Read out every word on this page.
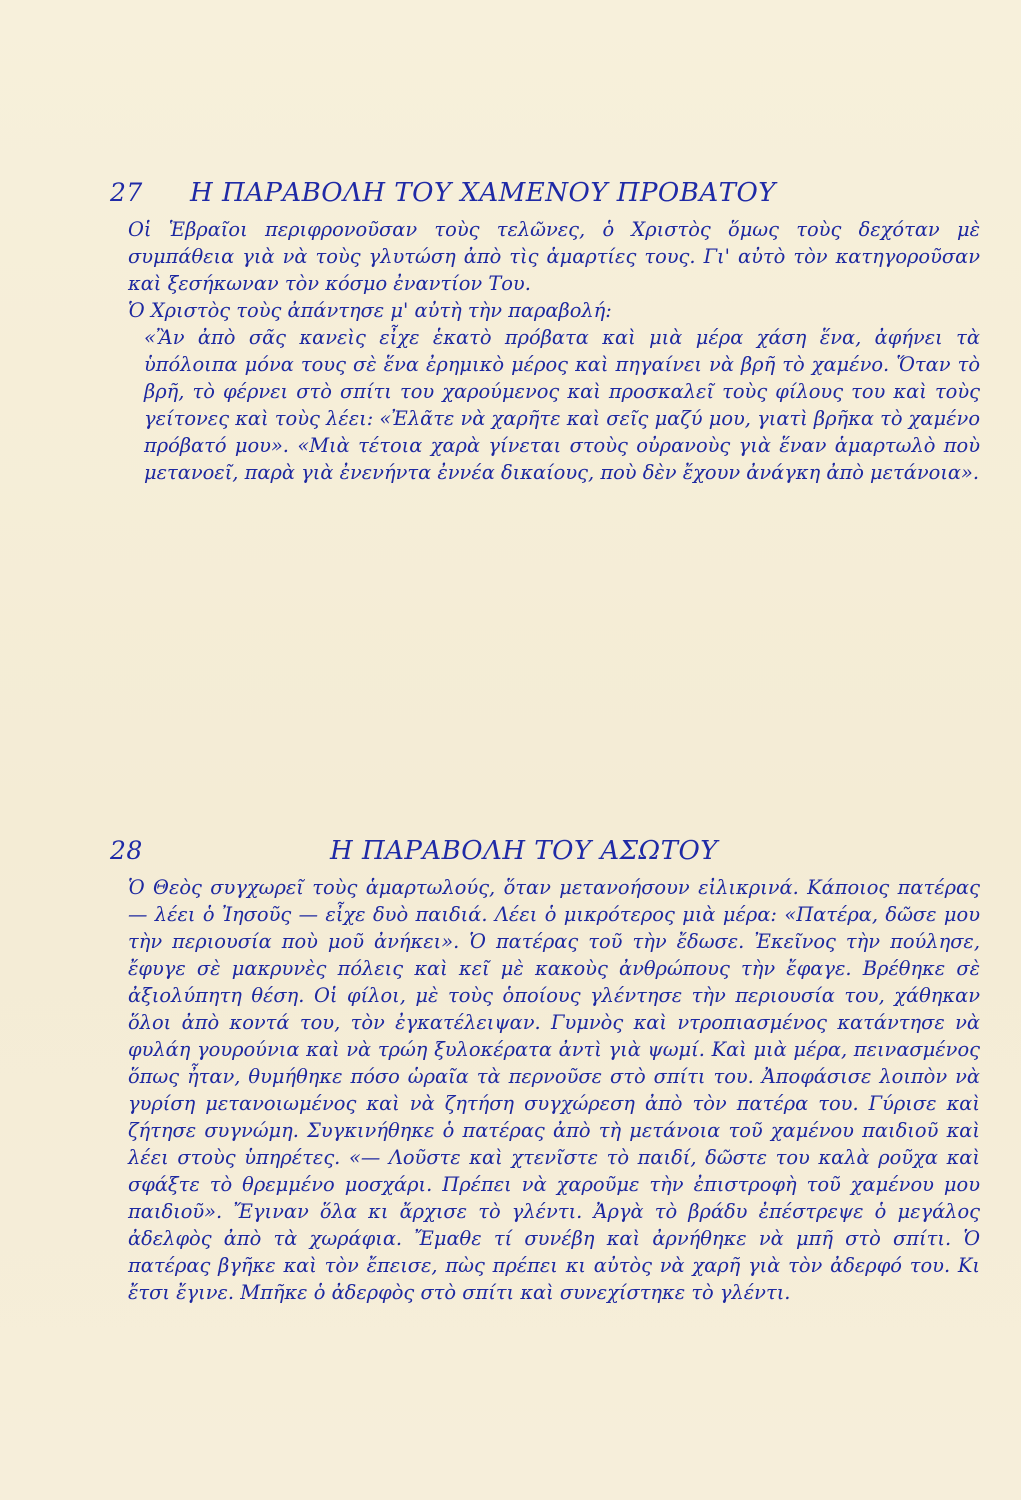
27 Η ΠΑΡΑΒΟΛΗ ΤΟΥ ΧΑΜΕΝΟΥ ΠΡΟΒΑΤΟΥ

Οἱ Ἑβραῖοι περιφρονοῦσαν τοὺς τελῶνες, ὁ Χριστὸς ὅμως τοὺς δεχόταν μὲ συμπάθεια γιὰ νὰ τοὺς γλυτώση ἀπὸ τὶς ἁμαρτίες τους. Γι' αὐτὸ τὸν κατηγοροῦσαν καὶ ξεσήκωναν τὸν κόσμο ἐναντίον Του.

Ὁ Χριστὸς τοὺς ἀπάντησε μ' αὐτὴ τὴν παραβολή:

«Ἂν ἀπὸ σᾶς κανεὶς εἶχε ἑκατὸ πρόβατα καὶ μιὰ μέρα χάση ἕνα, ἀφήνει τὰ ὑπόλοιπα μόνα τους σὲ ἕνα ἐρημικὸ μέρος καὶ πηγαίνει νὰ βρῆ τὸ χαμένο. Ὅταν τὸ βρῆ, τὸ φέρνει στὸ σπίτι του χαρούμενος καὶ προσκαλεῖ τοὺς φίλους του καὶ τοὺς γείτονες καὶ τοὺς λέει: «Ἐλᾶτε νὰ χαρῆτε καὶ σεῖς μαζύ μου, γιατὶ βρῆκα τὸ χαμένο πρόβατό μου». «Μιὰ τέτοια χαρὰ γίνεται στοὺς οὐρανοὺς γιὰ ἕναν ἁμαρτωλὸ ποὺ μετανοεῖ, παρὰ γιὰ ἐνενήντα ἐννέα δικαίους, ποὺ δὲν ἔχουν ἀνάγκη ἀπὸ μετάνοια».

28	Η ΠΑΡΑΒΟΛΗ ΤΟΥ ΑΣΩΤΟΥ

Ὁ Θεὸς συγχωρεῖ τοὺς ἁμαρτωλούς, ὅταν μετανοήσουν εἰλικρινά. Κάποιος πατέρας — λέει ὁ Ἰησοῦς — εἶχε δυὸ παιδιά. Λέει ὁ μικρότερος μιὰ μέρα: «Πατέρα, δῶσε μου τὴν περιουσία ποὺ μοῦ ἀνήκει». Ὁ πατέρας τοῦ τὴν ἔδωσε. Ἐκεῖνος τὴν πούλησε, ἔφυγε σὲ μακρυνὲς πόλεις καὶ κεῖ μὲ κακοὺς ἀνθρώπους τὴν ἔφαγε. Βρέθηκε σὲ ἀξιολύπητη θέση. Οἱ φίλοι, μὲ τοὺς ὁποίους γλέντησε τὴν περιουσία του, χάθηκαν ὅλοι ἀπὸ κοντά του, τὸν ἐγκατέλειψαν. Γυμνὸς καὶ ντροπιασμένος κατάντησε νὰ φυλάη γουρούνια καὶ νὰ τρώη ξυλοκέρατα ἀντὶ γιὰ ψωμί. Καὶ μιὰ μέρα, πεινασμένος ὅπως ἦταν, θυμήθηκε πόσο ὡραῖα τὰ περνοῦσε στὸ σπίτι του. Ἀποφάσισε λοιπὸν νὰ γυρίση μετανοιωμένος καὶ νὰ ζητήση συγχώρεση ἀπὸ τὸν πατέρα του. Γύρισε καὶ ζήτησε συγνώμη. Συγκινήθηκε ὁ πατέρας ἀπὸ τὴ μετάνοια τοῦ χαμένου παιδιοῦ καὶ λέει στοὺς ὑπηρέτες. «— Λοῦστε καὶ χτενῖστε τὸ παιδί, δῶστε του καλὰ ροῦχα καὶ σφάξτε τὸ θρεμμένο μοσχάρι. Πρέπει νὰ χαροῦμε τὴν ἐπιστροφὴ τοῦ χαμένου μου παιδιοῦ». Ἔγιναν ὅλα κι ἄρχισε τὸ γλέντι. Ἀργὰ τὸ βράδυ ἐπέστρεψε ὁ μεγάλος ἀδελφὸς ἀπὸ τὰ χωράφια. Ἔμαθε τί συνέβη καὶ ἀρνήθηκε νὰ μπῆ στὸ σπίτι. Ὁ πατέρας βγῆκε καὶ τὸν ἔπεισε, πὼς πρέπει κι αὐτὸς νὰ χαρῆ γιὰ τὸν ἀδερφό του. Κι ἔτσι ἔγινε. Μπῆκε ὁ ἀδερφὸς στὸ σπίτι καὶ συνεχίστηκε τὸ γλέντι.
